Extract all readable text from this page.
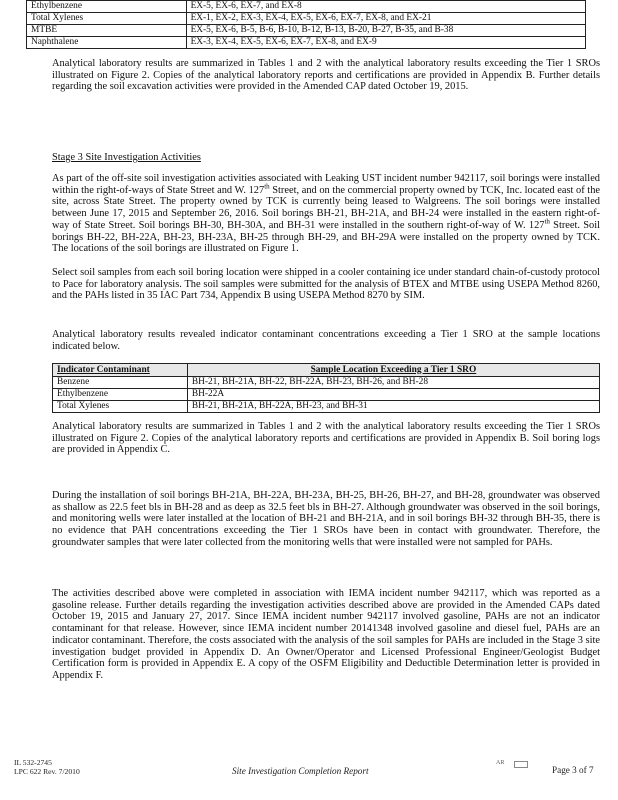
Ethylbenzene	EX-5, EX-6, EX-7, and EX-8
Total Xylenes	EX-1, EX-2, EX-3, EX-4, EX-5, EX-6, EX-7, EX-8, and EX-21
MTBE	EX-5, EX-6, B-5, B-6, B-10, B-12, B-13, B-20, B-27, B-35, and B-38
Naphthalene	EX-3, EX-4, EX-5, EX-6, EX-7, EX-8, and EX-9

Analytical laboratory results are summarized in Tables 1 and 2 with the analytical laboratory results exceeding the Tier 1 SROs illustrated on Figure 2. Copies of the analytical laboratory reports and certifications are provided in Appendix B. Further details regarding the soil excavation activities were provided in the Amended CAP dated October 19, 2015.

Stage 3 Site Investigation Activities

As part of the off-site soil investigation activities associated with Leaking UST incident number 942117, soil borings were installed within the right-of-ways of State Street and W. 127th Street, and on the commercial property owned by TCK, Inc. located east of the site, across State Street. The property owned by TCK is currently being leased to Walgreens. The soil borings were installed between June 17, 2015 and September 26, 2016. Soil borings BH-21, BH-21A, and BH-24 were installed in the eastern right-of-way of State Street. Soil borings BH-30, BH-30A, and BH-31 were installed in the southern right-of-way of W. 127th Street. Soil borings BH-22, BH-22A, BH-23, BH-23A, BH-25 through BH-29, and BH-29A were installed on the property owned by TCK. The locations of the soil borings are illustrated on Figure 1.

Select soil samples from each soil boring location were shipped in a cooler containing ice under standard chain-of-custody protocol to Pace for laboratory analysis. The soil samples were submitted for the analysis of BTEX and MTBE using USEPA Method 8260, and the PAHs listed in 35 IAC Part 734, Appendix B using USEPA Method 8270 by SIM.

Analytical laboratory results revealed indicator contaminant concentrations exceeding a Tier 1 SRO at the sample locations indicated below.

Indicator Contaminant	Sample Location Exceeding a Tier 1 SRO
Benzene	BH-21, BH-21A, BH-22, BH-22A, BH-23, BH-26, and BH-28
Ethylbenzene	BH-22A
Total Xylenes	BH-21, BH-21A, BH-22A, BH-23, and BH-31

Analytical laboratory results are summarized in Tables 1 and 2 with the analytical laboratory results exceeding the Tier 1 SROs illustrated on Figure 2. Copies of the analytical laboratory reports and certifications are provided in Appendix B. Soil boring logs are provided in Appendix C.

During the installation of soil borings BH-21A, BH-22A, BH-23A, BH-25, BH-26, BH-27, and BH-28, groundwater was observed as shallow as 22.5 feet bls in BH-28 and as deep as 32.5 feet bls in BH-27. Although groundwater was observed in the soil borings, and monitoring wells were later installed at the location of BH-21 and BH-21A, and in soil borings BH-32 through BH-35, there is no evidence that PAH concentrations exceeding the Tier 1 SROs have been in contact with groundwater. Therefore, the groundwater samples that were later collected from the monitoring wells that were installed were not sampled for PAHs.

The activities described above were completed in association with IEMA incident number 942117, which was reported as a gasoline release. Further details regarding the investigation activities described above are provided in the Amended CAPs dated October 19, 2015 and January 27, 2017. Since IEMA incident number 942117 involved gasoline, PAHs are not an indicator contaminant for that release. However, since IEMA incident number 20141348 involved gasoline and diesel fuel, PAHs are an indicator contaminant. Therefore, the costs associated with the analysis of the soil samples for PAHs are included in the Stage 3 site investigation budget provided in Appendix D. An Owner/Operator and Licensed Professional Engineer/Geologist Budget Certification form is provided in Appendix E. A copy of the OSFM Eligibility and Deductible Determination letter is provided in Appendix F.

IL 532-2745
LPC 622 Rev. 7/2010	Site Investigation Completion Report
AR
Page 3 of 7
